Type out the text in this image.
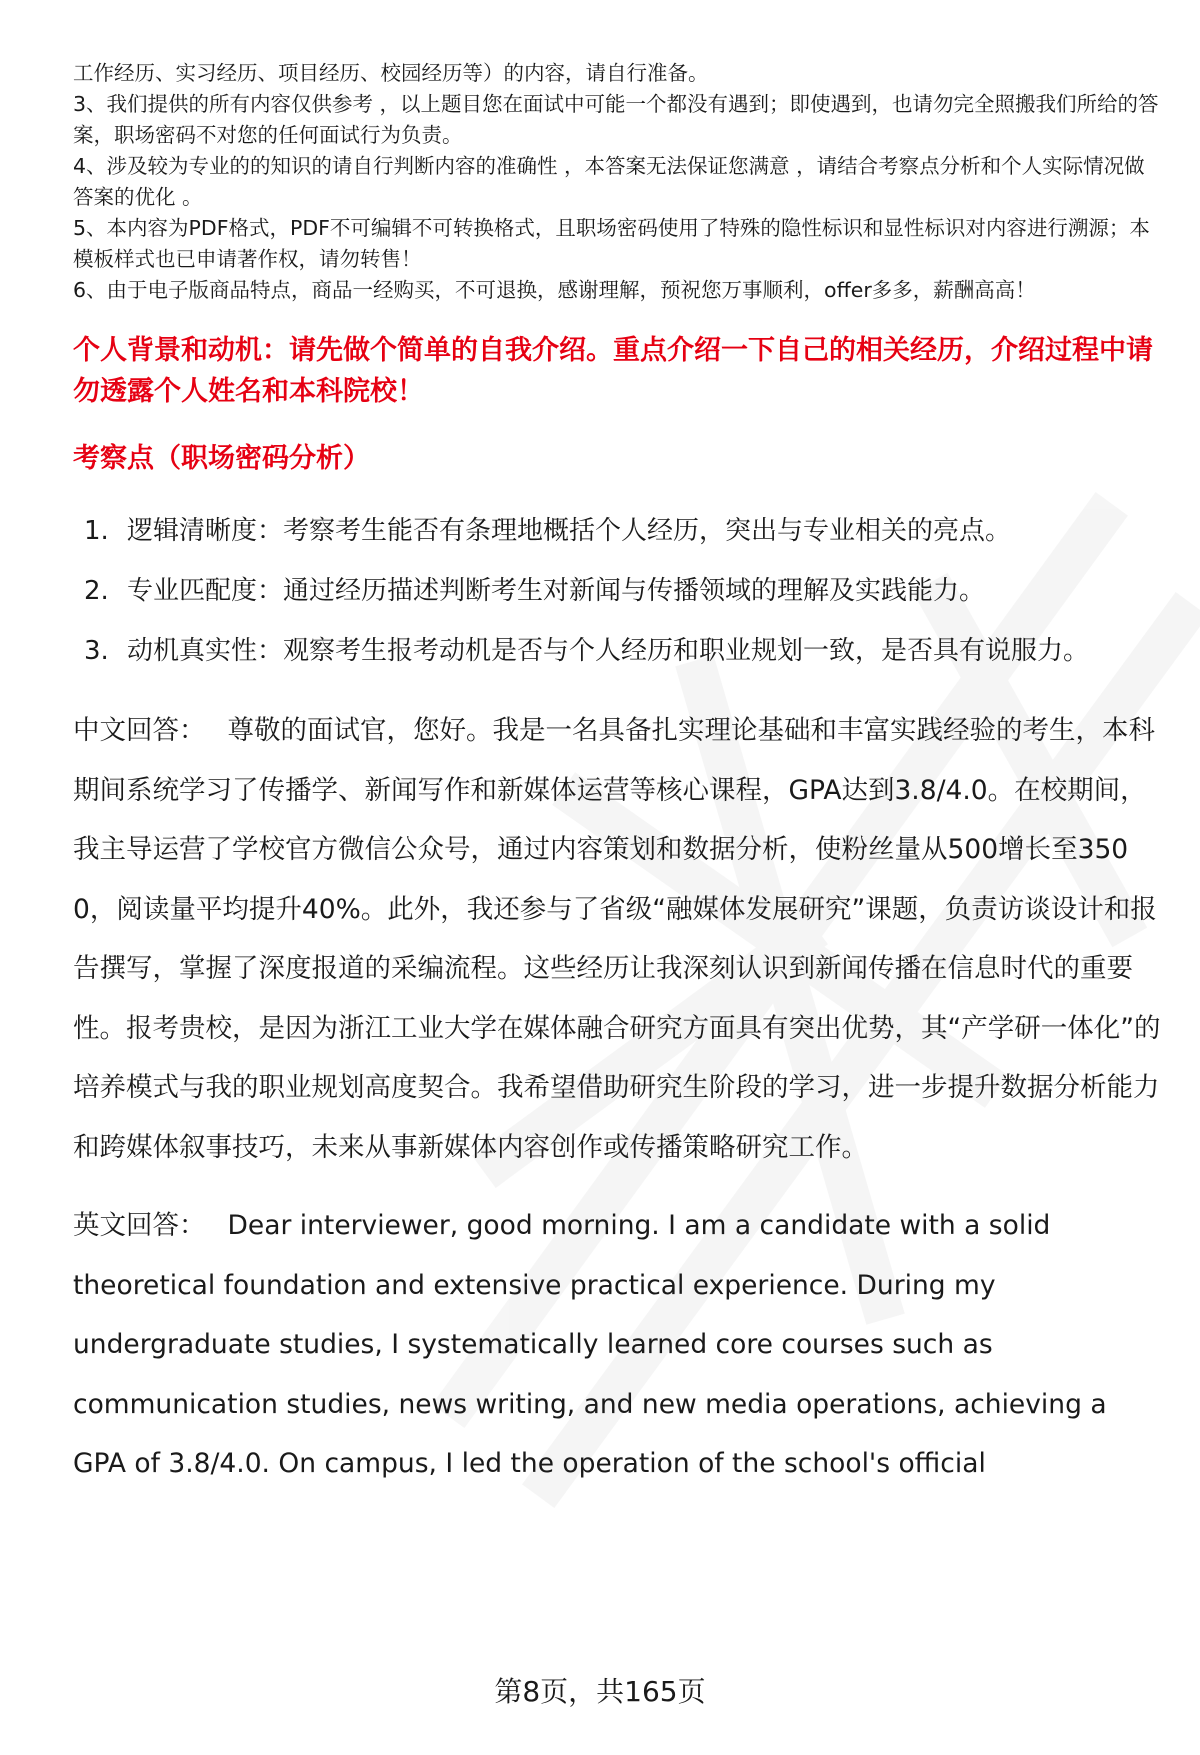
工作经历、实习经历、项目经历、校园经历等）的内容，请自行准备。

3、我们提供的所有内容仅供参考 ，以上题目您在面试中可能一个都没有遇到；即使遇到，也请勿完全照搬我们所给的答案，职场密码不对您的任何面试行为负责。

4、涉及较为专业的的知识的请自行判断内容的准确性 ，本答案无法保证您满意 ，请结合考察点分析和个人实际情况做答案的优化 。

5、本内容为PDF格式，PDF不可编辑不可转换格式，且职场密码使用了特殊的隐性标识和显性标识对内容进行溯源；本模板样式也已申请著作权，请勿转售！

6、由于电子版商品特点，商品一经购买，不可退换，感谢理解，预祝您万事顺利，offer多多，薪酬高高！

个人背景和动机：请先做个简单的自我介绍。重点介绍一下自己的相关经历，介绍过程中请勿透露个人姓名和本科院校！

考察点（职场密码分析）

1. 逻辑清晰度：考察考生能否有条理地概括个人经历，突出与专业相关的亮点。
2. 专业匹配度：通过经历描述判断考生对新闻与传播领域的理解及实践能力。
3. 动机真实性：观察考生报考动机是否与个人经历和职业规划一致，是否具有说服力。

中文回答： 尊敬的面试官，您好。我是一名具备扎实理论基础和丰富实践经验的考生，本科期间系统学习了传播学、新闻写作和新媒体运营等核心课程，GPA达到3.8/4.0。在校期间，我主导运营了学校官方微信公众号，通过内容策划和数据分析，使粉丝量从500增长至3500，阅读量平均提升40%。此外，我还参与了省级“融媒体发展研究”课题，负责访谈设计和报告撰写，掌握了深度报道的采编流程。这些经历让我深刻认识到新闻传播在信息时代的重要性。报考贵校，是因为浙江工业大学在媒体融合研究方面具有突出优势，其“产学研一体化”的培养模式与我的职业规划高度契合。我希望借助研究生阶段的学习，进一步提升数据分析能力和跨媒体叙事技巧，未来从事新媒体内容创作或传播策略研究工作。

英文回答： Dear interviewer, good morning. I am a candidate with a solid theoretical foundation and extensive practical experience. During my undergraduate studies, I systematically learned core courses such as communication studies, news writing, and new media operations, achieving a GPA of 3.8/4.0. On campus, I led the operation of the school's official

第8页，共165页
